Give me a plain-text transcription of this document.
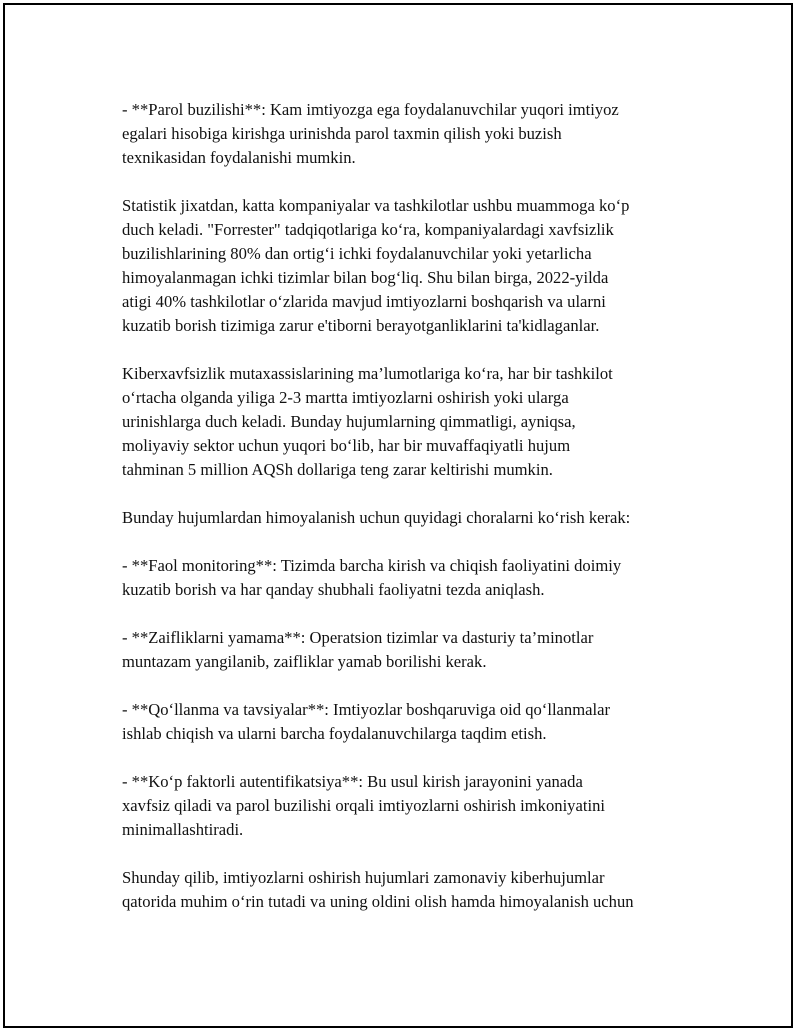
- **Parol buzilishi**: Kam imtiyozga ega foydalanuvchilar yuqori imtiyoz
egalari hisobiga kirishga urinishda parol taxmin qilish yoki buzish
texnikasidan foydalanishi mumkin.

Statistik jixatdan, katta kompaniyalar va tashkilotlar ushbu muammoga ko‘p
duch keladi. "Forrester" tadqiqotlariga ko‘ra, kompaniyalardagi xavfsizlik
buzilishlarining 80% dan ortig‘i ichki foydalanuvchilar yoki yetarlicha
himoyalanmagan ichki tizimlar bilan bog‘liq. Shu bilan birga, 2022-yilda
atigi 40% tashkilotlar o‘zlarida mavjud imtiyozlarni boshqarish va ularni
kuzatib borish tizimiga zarur e'tiborni berayotganliklarini ta'kidlaganlar.

Kiberxavfsizlik mutaxassislarining ma’lumotlariga ko‘ra, har bir tashkilot
o‘rtacha olganda yiliga 2-3 martta imtiyozlarni oshirish yoki ularga
urinishlarga duch keladi. Bunday hujumlarning qimmatligi, ayniqsa,
moliyaviy sektor uchun yuqori bo‘lib, har bir muvaffaqiyatli hujum
tahminan 5 million AQSh dollariga teng zarar keltirishi mumkin.

Bunday hujumlardan himoyalanish uchun quyidagi choralarni ko‘rish kerak:

- **Faol monitoring**: Tizimda barcha kirish va chiqish faoliyatini doimiy
kuzatib borish va har qanday shubhali faoliyatni tezda aniqlash.

- **Zaifliklarni yamama**: Operatsion tizimlar va dasturiy ta’minotlar
muntazam yangilanib, zaifliklar yamab borilishi kerak.

- **Qo‘llanma va tavsiyalar**: Imtiyozlar boshqaruviga oid qo‘llanmalar
ishlab chiqish va ularni barcha foydalanuvchilarga taqdim etish.

- **Ko‘p faktorli autentifikatsiya**: Bu usul kirish jarayonini yanada
xavfsiz qiladi va parol buzilishi orqali imtiyozlarni oshirish imkoniyatini
minimallashtiradi.

Shunday qilib, imtiyozlarni oshirish hujumlari zamonaviy kiberhujumlar
qatorida muhim o‘rin tutadi va uning oldini olish hamda himoyalanish uchun
